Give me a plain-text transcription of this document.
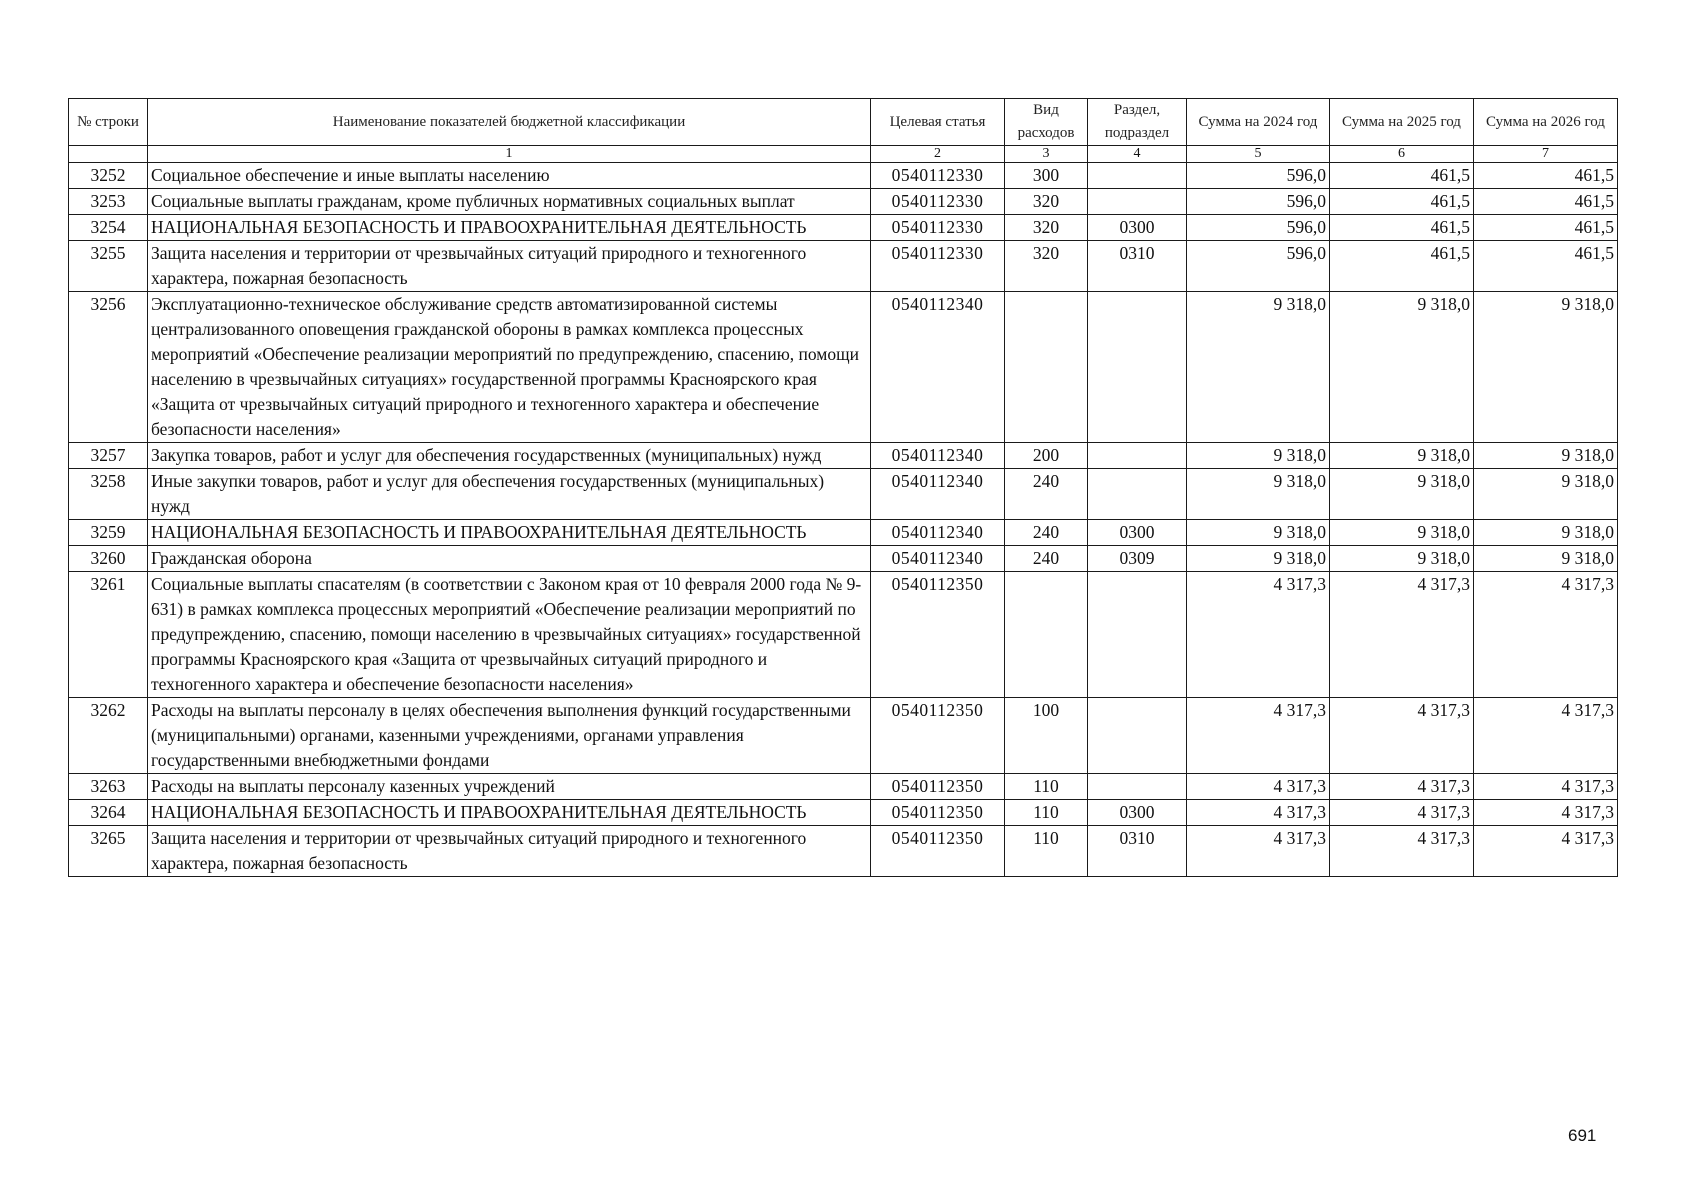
№ строки	Наименование показателей бюджетной классификации	Целевая статья	Вид расходов	Раздел, подраздел	Сумма на 2024 год	Сумма на 2025 год	Сумма на 2026 год
	1	2	3	4	5	6	7
3252	Социальное обеспечение и иные выплаты населению	0540112330	300		596,0	461,5	461,5
3253	Социальные выплаты гражданам, кроме публичных нормативных социальных выплат	0540112330	320		596,0	461,5	461,5
3254	НАЦИОНАЛЬНАЯ БЕЗОПАСНОСТЬ И ПРАВООХРАНИТЕЛЬНАЯ ДЕЯТЕЛЬНОСТЬ	0540112330	320	0300	596,0	461,5	461,5
3255	Защита населения и территории от чрезвычайных ситуаций природного и техногенного характера, пожарная безопасность	0540112330	320	0310	596,0	461,5	461,5
3256	Эксплуатационно-техническое обслуживание средств автоматизированной системы централизованного оповещения гражданской обороны в рамках комплекса процессных мероприятий «Обеспечение реализации мероприятий по предупреждению, спасению, помощи населению в чрезвычайных ситуациях» государственной программы Красноярского края «Защита от чрезвычайных ситуаций природного и техногенного характера и обеспечение безопасности населения»	0540112340			9 318,0	9 318,0	9 318,0
3257	Закупка товаров, работ и услуг для обеспечения государственных (муниципальных) нужд	0540112340	200		9 318,0	9 318,0	9 318,0
3258	Иные закупки товаров, работ и услуг для обеспечения государственных (муниципальных) нужд	0540112340	240		9 318,0	9 318,0	9 318,0
3259	НАЦИОНАЛЬНАЯ БЕЗОПАСНОСТЬ И ПРАВООХРАНИТЕЛЬНАЯ ДЕЯТЕЛЬНОСТЬ	0540112340	240	0300	9 318,0	9 318,0	9 318,0
3260	Гражданская оборона	0540112340	240	0309	9 318,0	9 318,0	9 318,0
3261	Социальные выплаты спасателям (в соответствии с Законом края от 10 февраля 2000 года № 9-631) в рамках комплекса процессных мероприятий «Обеспечение реализации мероприятий по предупреждению, спасению, помощи населению в чрезвычайных ситуациях» государственной программы Красноярского края «Защита от чрезвычайных ситуаций природного и техногенного характера и обеспечение безопасности населения»	0540112350			4 317,3	4 317,3	4 317,3
3262	Расходы на выплаты персоналу в целях обеспечения выполнения функций государственными (муниципальными) органами, казенными учреждениями, органами управления государственными внебюджетными фондами	0540112350	100		4 317,3	4 317,3	4 317,3
3263	Расходы на выплаты персоналу казенных учреждений	0540112350	110		4 317,3	4 317,3	4 317,3
3264	НАЦИОНАЛЬНАЯ БЕЗОПАСНОСТЬ И ПРАВООХРАНИТЕЛЬНАЯ ДЕЯТЕЛЬНОСТЬ	0540112350	110	0300	4 317,3	4 317,3	4 317,3
3265	Защита населения и территории от чрезвычайных ситуаций природного и техногенного характера, пожарная безопасность	0540112350	110	0310	4 317,3	4 317,3	4 317,3
691
